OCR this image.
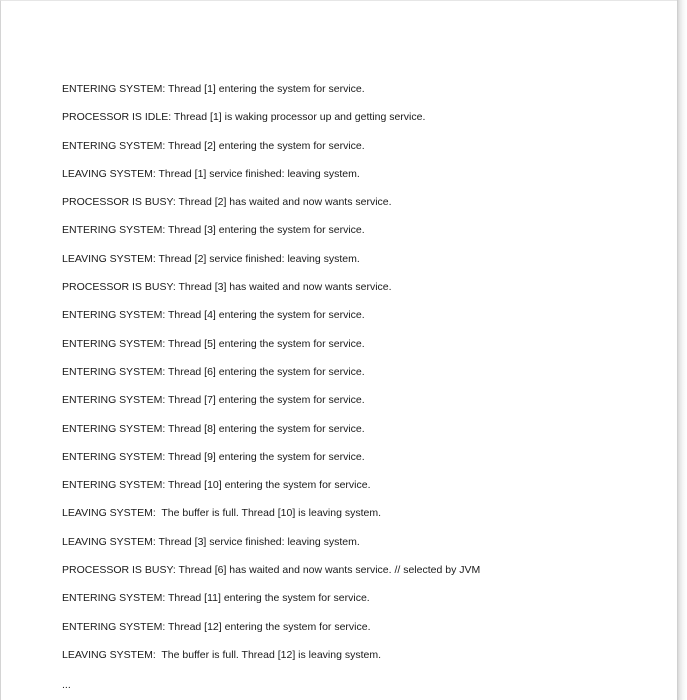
ENTERING SYSTEM: Thread [1] entering the system for service.
PROCESSOR IS IDLE: Thread [1] is waking processor up and getting service.
ENTERING SYSTEM: Thread [2] entering the system for service.
LEAVING SYSTEM: Thread [1] service finished: leaving system.
PROCESSOR IS BUSY: Thread [2] has waited and now wants service.
ENTERING SYSTEM: Thread [3] entering the system for service.
LEAVING SYSTEM: Thread [2] service finished: leaving system.
PROCESSOR IS BUSY: Thread [3] has waited and now wants service.
ENTERING SYSTEM: Thread [4] entering the system for service.
ENTERING SYSTEM: Thread [5] entering the system for service.
ENTERING SYSTEM: Thread [6] entering the system for service.
ENTERING SYSTEM: Thread [7] entering the system for service.
ENTERING SYSTEM: Thread [8] entering the system for service.
ENTERING SYSTEM: Thread [9] entering the system for service.
ENTERING SYSTEM: Thread [10] entering the system for service.
LEAVING SYSTEM:  The buffer is full. Thread [10] is leaving system.
LEAVING SYSTEM: Thread [3] service finished: leaving system.
PROCESSOR IS BUSY: Thread [6] has waited and now wants service. // selected by JVM
ENTERING SYSTEM: Thread [11] entering the system for service.
ENTERING SYSTEM: Thread [12] entering the system for service.
LEAVING SYSTEM:  The buffer is full. Thread [12] is leaving system.
...
